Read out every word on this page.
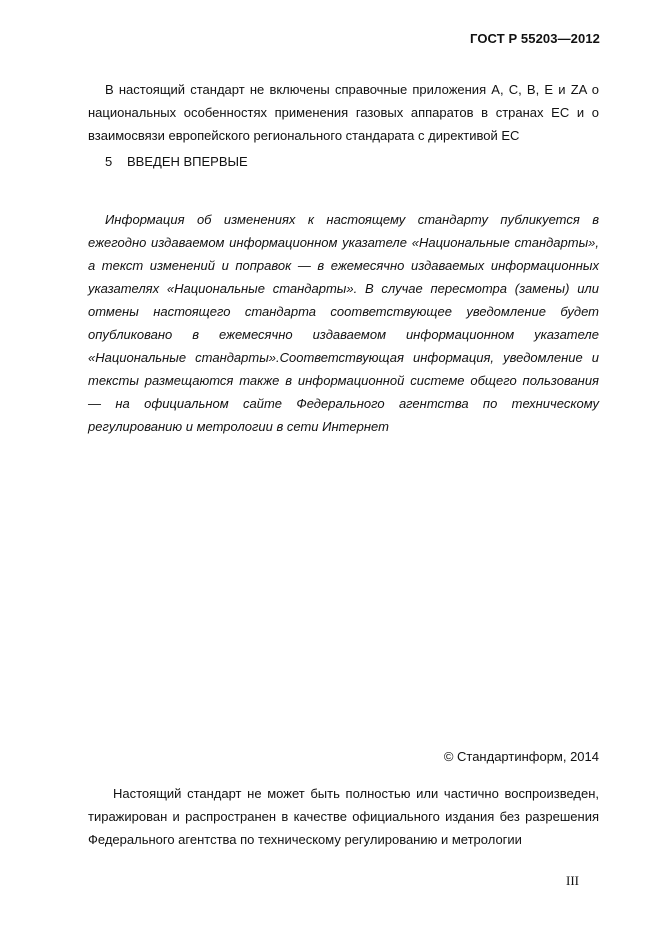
ГОСТ Р 55203—2012

В настоящий стандарт не включены справочные приложения А, С, В, Е и ZA о национальных особенностях применения газовых аппаратов в странах ЕС и о взаимосвязи европейского регионального стандарата с директивой ЕС

5 ВВЕДЕН ВПЕРВЫЕ

Информация об изменениях к настоящему стандарту публикуется в ежегодно издаваемом информационном указателе «Национальные стандарты», а текст изменений и поправок — в ежемесячно издаваемых информационных указателях «Национальные стандарты». В случае пересмотра (замены) или отмены настоящего стандарта соответствующее уведомление будет опубликовано в ежемесячно издаваемом информационном указателе «Национальные стандарты».Соответствующая информация, уведомление и тексты размещаются также в информационной системе общего пользования — на официальном сайте Федерального агентства по техническому регулированию и метрологии в сети Интернет

© Стандартинформ, 2014

Настоящий стандарт не может быть полностью или частично воспроизведен, тиражирован и распространен в качестве официального издания без разрешения Федерального агентства по техническому регулированию и метрологии

III
